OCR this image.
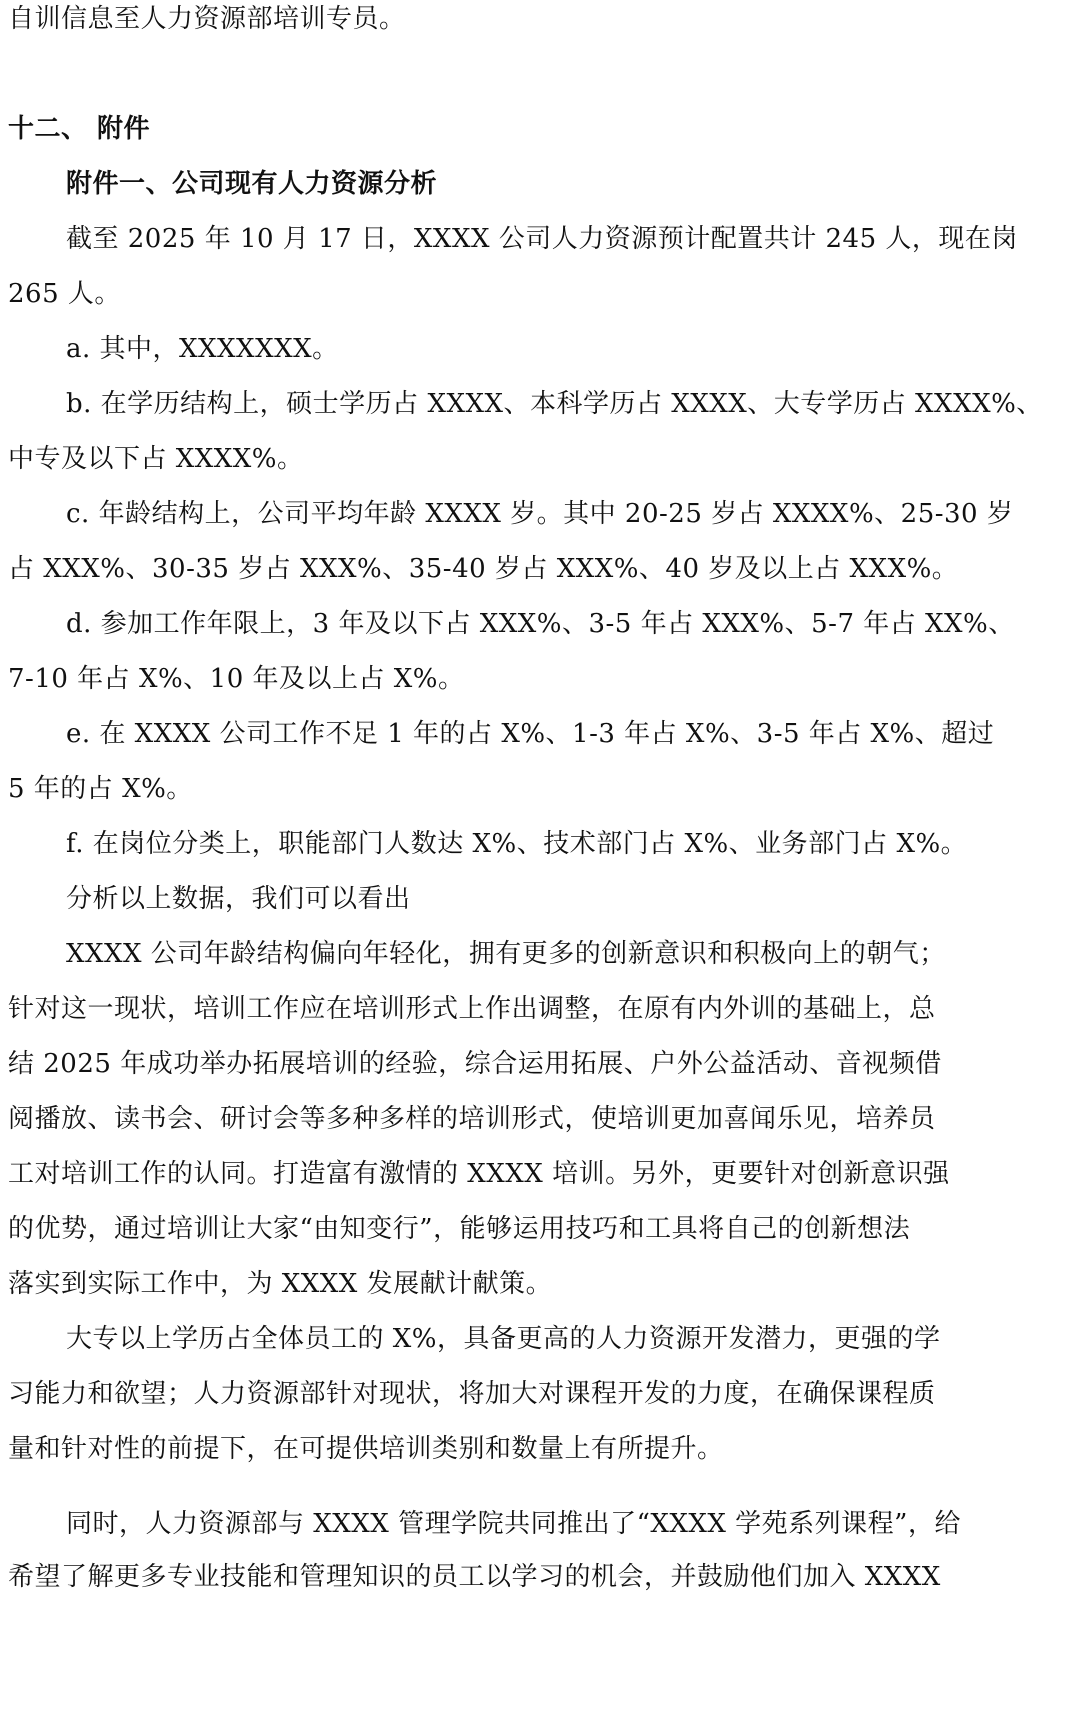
自训信息至人力资源部培训专员。

十二、 附件

附件一、公司现有人力资源分析

截至 2025 年 10 月 17 日，XXXX 公司人力资源预计配置共计 245 人，现在岗

265 人。

a. 其中，XXXXXXX。

b. 在学历结构上，硕士学历占 XXXX、本科学历占 XXXX、大专学历占 XXXX%、

中专及以下占 XXXX%。

c. 年龄结构上，公司平均年龄 XXXX 岁。其中 20-25 岁占 XXXX%、25-30 岁

占 XXX%、30-35 岁占 XXX%、35-40 岁占 XXX%、40 岁及以上占 XXX%。

d. 参加工作年限上，3 年及以下占 XXX%、3-5 年占 XXX%、5-7 年占 XX%、

7-10 年占 X%、10 年及以上占 X%。

e. 在 XXXX 公司工作不足 1 年的占 X%、1-3 年占 X%、3-5 年占 X%、超过

5 年的占 X%。

f. 在岗位分类上，职能部门人数达 X%、技术部门占 X%、业务部门占 X%。

分析以上数据，我们可以看出

XXXX 公司年龄结构偏向年轻化，拥有更多的创新意识和积极向上的朝气；

针对这一现状，培训工作应在培训形式上作出调整，在原有内外训的基础上，总

结 2025 年成功举办拓展培训的经验，综合运用拓展、户外公益活动、音视频借

阅播放、读书会、研讨会等多种多样的培训形式，使培训更加喜闻乐见，培养员

工对培训工作的认同。打造富有激情的 XXXX 培训。另外，更要针对创新意识强

的优势，通过培训让大家“由知变行”，能够运用技巧和工具将自己的创新想法

落实到实际工作中，为 XXXX 发展献计献策。

大专以上学历占全体员工的 X%，具备更高的人力资源开发潜力，更强的学

习能力和欲望；人力资源部针对现状，将加大对课程开发的力度，在确保课程质

量和针对性的前提下，在可提供培训类别和数量上有所提升。

同时，人力资源部与 XXXX 管理学院共同推出了“XXXX 学苑系列课程”，给

希望了解更多专业技能和管理知识的员工以学习的机会，并鼓励他们加入 XXXX
